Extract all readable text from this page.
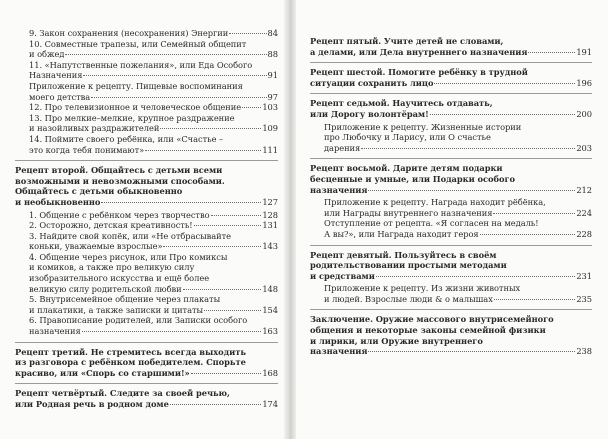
9. Закон сохранения (несохранения) Энергии	84
10. Совместные трапезы, или Семейный общепит
и обжед	88
11. «Напутственные пожелания», или Еда Особого
Назначения	91
Приложение к рецепту. Пищевые воспоминания
моего детства	97
12. Про телевизионное и человеческое общение	103
13. Про мелкие–мелкие, крупное раздражение
и назойливых раздражителей	109
14. Поймите своего ребёнка, или «Счастье –
это когда тебя понимают»	111
Рецепт второй. Общайтесь с детьми всеми
возможными и невозможными способами.
Общайтесь с детьми обыкновенно
и необыкновенно	127
1. Общение с ребёнком через творчество	128
2. Осторожно, детская креативность!	131
3. Найдите свой копёк, или «Не отбрасывайте
коньки, уважаемые взрослые»	143
4. Общение через рисунок, или Про комиксы
и комиков, а также про великую силу
изобразительного искусства и ещё более
великую силу родительской любви	148
5. Внутрисемейное общение через плакаты
и плакатики, а также записки и цитаты	154
6. Правописание родителей, или Записки особого
назначения	163
Рецепт третий. Не стремитесь всегда выходить
из разговора с ребёнком победителем. Спорьте
красиво, или «Спорь со старшими!»	168
Рецепт четвёртый. Следите за своей речью,
или Родная речь в родном доме	174
Рецепт пятый. Учите детей не словами,
а делами, или Дела внутреннего назначения	191
Рецепт шестой. Помогите ребёнку в трудной
ситуации сохранить лицо	196
Рецепт седьмой. Научитесь отдавать,
или Дорогу волонтёрам!	200
Приложение к рецепту. Жизненные истории
про Любочку и Ларису, или О счастье
дарения	203
Рецепт восьмой. Дарите детям подарки
бесценные и умные, или Подарки особого
назначения	212
Приложение к рецепту. Награда находит рёбёнка,
или Награды внутреннего назначения	224
Отступление от рецепта. «Я согласен на медаль!
А вы?», или Награда находит героя	228
Рецепт девятый. Пользуйтесь в своём
родительствовании простыми методами
и средствами	231
Приложение к рецепту. Из жизни животных
и людей. Взрослые люди & о малышах	235
Заключение. Оружие массового внутрисемейного
общения и некоторые законы семейной физики
и лирики, или Оружие внутреннего
назначения	238
